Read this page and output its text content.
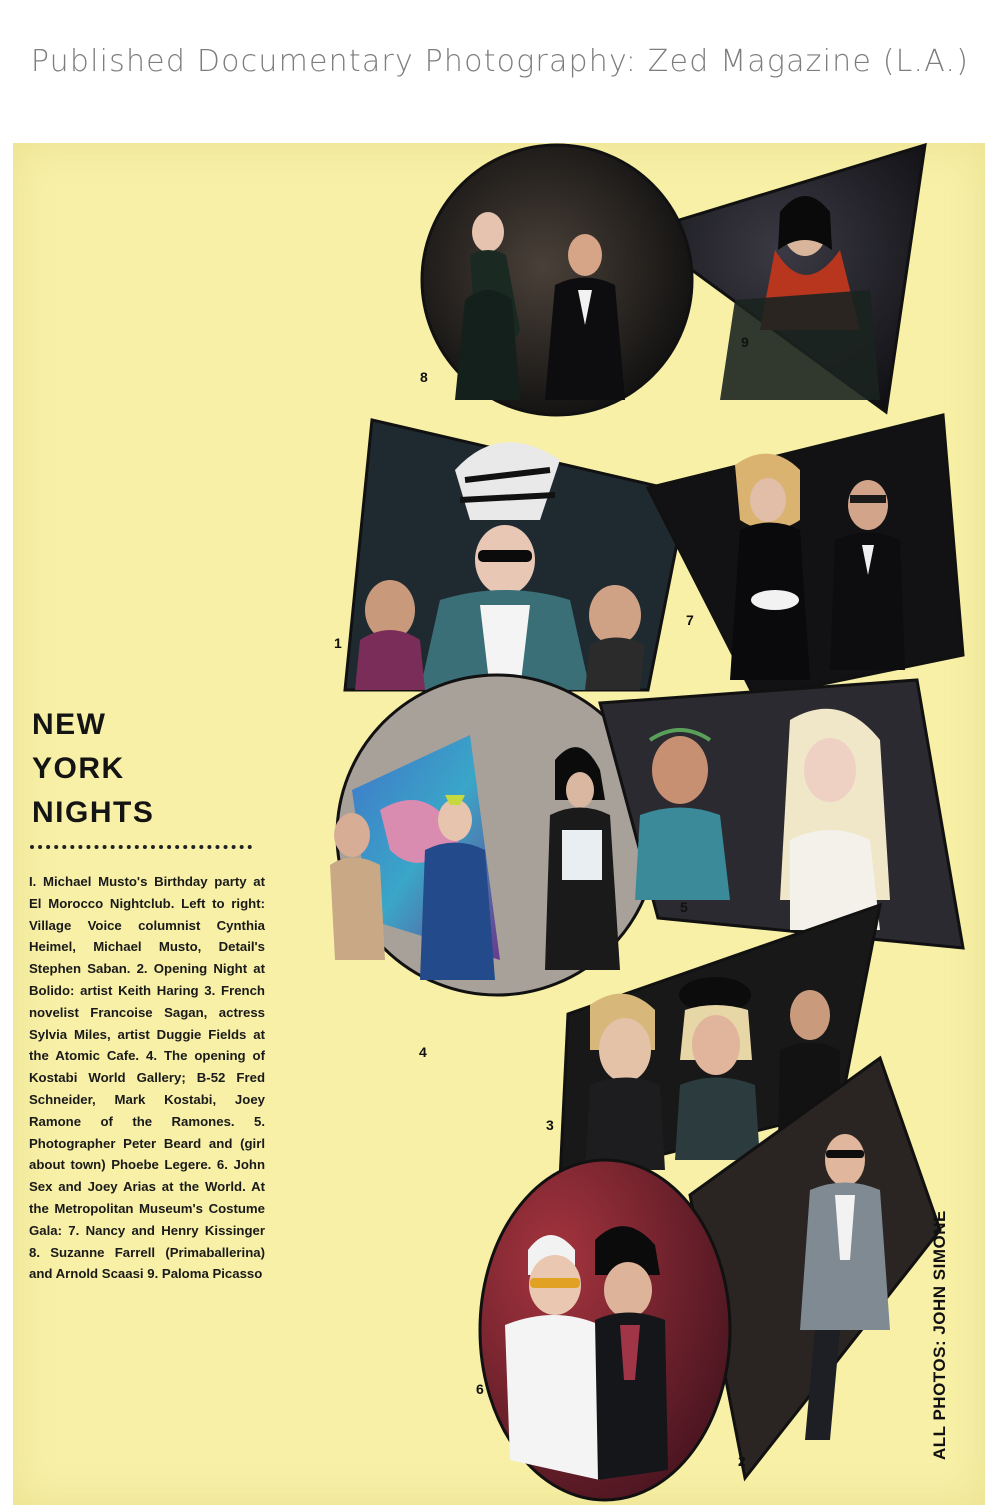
Published Documentary Photography: Zed Magazine (L.A.)
NEW
YORK
NIGHTS
I. Michael Musto's Birthday party at El Morocco Nightclub. Left to right: Village Voice columnist Cynthia Heimel, Michael Musto, Detail's Stephen Saban. 2. Opening Night at Bolido: artist Keith Haring 3. French novelist Francoise Sagan, actress Sylvia Miles, artist Duggie Fields at the Atomic Cafe. 4. The opening of Kostabi World Gallery; B-52 Fred Schneider, Mark Kostabi, Joey Ramone of the Ramones. 5. Photographer Peter Beard and (girl about town) Phoebe Legere. 6. John Sex and Joey Arias at the World. At the Metropolitan Museum's Costume Gala: 7. Nancy and Henry Kissinger 8. Suzanne Farrell (Primaballerina) and Arnold Scaasi 9. Paloma Picasso
8
9
1
7
4
5
3
6
2
ALL PHOTOS: JOHN SIMONE
